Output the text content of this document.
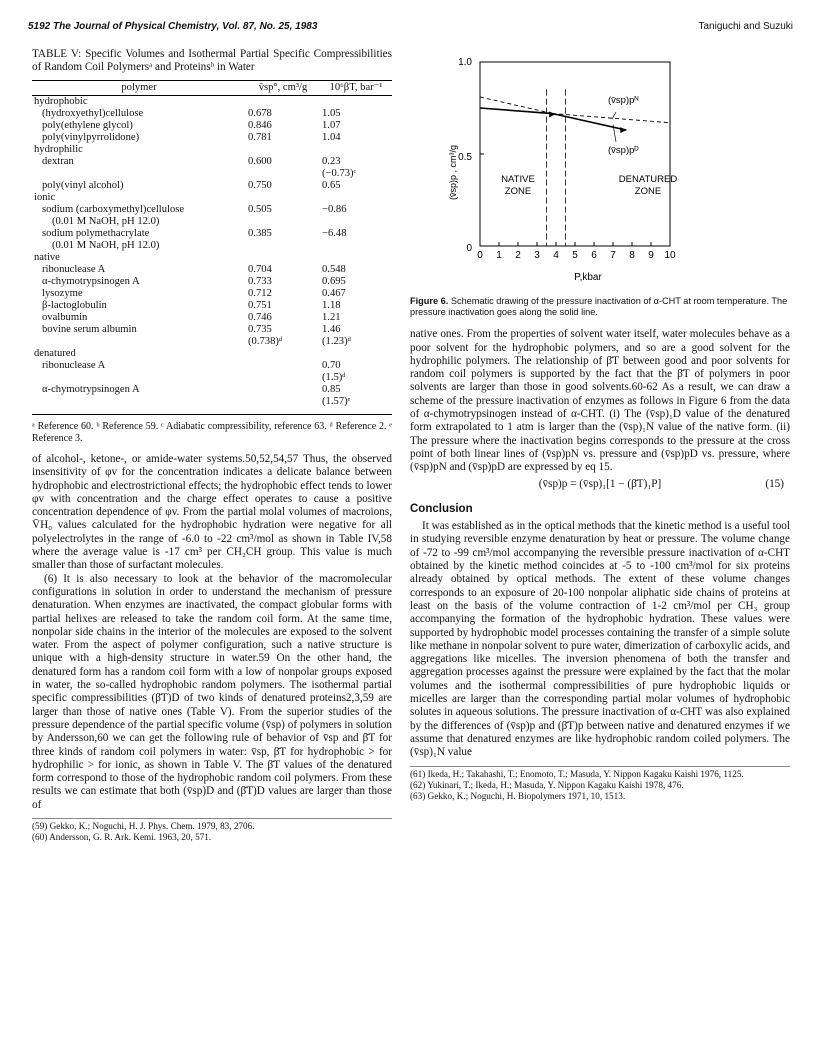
5192 The Journal of Physical Chemistry, Vol. 87, No. 25, 1983	Taniguchi and Suzuki
TABLE V: Specific Volumes and Isothermal Partial Specific Compressibilities of Random Coil Polymersᵃ and Proteinsᵇ in Water
polymer	v̄sp°, cm³/g	10⁶βT, bar⁻¹
hydrophobic		
(hydroxyethyl)cellulose	0.678	1.05
poly(ethylene glycol)	0.846	1.07
poly(vinylpyrrolidone)	0.781	1.04
hydrophilic		
dextran	0.600	0.23
		(−0.73)ᶜ
poly(vinyl alcohol)	0.750	0.65
ionic		
sodium (carboxymethyl)cellulose	0.505	−0.86
(0.01 M NaOH, pH 12.0)		
sodium polymethacrylate	0.385	−6.48
(0.01 M NaOH, pH 12.0)		
native		
ribonuclease A	0.704	0.548
α-chymotrypsinogen A	0.733	0.695
lysozyme	0.712	0.467
β-lactoglobulin	0.751	1.18
ovalbumin	0.746	1.21
bovine serum albumin	0.735	1.46
	(0.738)ᵈ	(1.23)ᵈ
denatured		
ribonuclease A		0.70
		(1.5)ᵈ
α-chymotrypsinogen A		0.85
		(1.57)ᵉ
ᵃ Reference 60. ᵇ Reference 59. ᶜ Adiabatic compressibility, reference 63. ᵈ Reference 2. ᵉ Reference 3.

of alcohol-, ketone-, or amide-water systems.50,52,54,57 Thus, the observed insensitivity of φv for the concentration indicates a delicate balance between hydrophobic and electrostrictional effects; the hydrophobic effect tends to lower φv with concentration and the charge effect operates to cause a positive concentration dependence of φv. From the partial molal volumes of macroions, V̄H₀ values calculated for the hydrophobic hydration were negative for all polyelectrolytes in the range of -6.0 to -22 cm³/mol as shown in Table IV,58 where the average value is -17 cm³ per CH₂CH group. This value is much smaller than those of surfactant molecules.

(6) It is also necessary to look at the behavior of the macromolecular configurations in solution in order to understand the mechanism of pressure denaturation. When enzymes are inactivated, the compact globular forms with partial helixes are released to take the random coil form. At the same time, nonpolar side chains in the interior of the molecules are exposed to the solvent water. From the aspect of polymer configuration, such a native structure is unique with a high-density structure in water.59 On the other hand, the denatured form has a random coil form with a low of nonpolar groups exposed in water, the so-called hydrophobic random polymers. The isothermal partial specific compressibilities (β̄T)D of two kinds of denatured proteins2,3,59 are larger than those of native ones (Table V). From the superior studies of the pressure dependence of the partial specific volume (v̄sp) of polymers in solution by Andersson,60 we can get the following rule of behavior of v̄sp and β̄T for three kinds of random coil polymers in water: v̄sp, β̄T for hydrophobic > for hydrophilic > for ionic, as shown in Table V. The β̄T values of the denatured form correspond to those of the hydrophobic random coil polymers. From these results we can estimate that both (v̄sp)D and (β̄T)D values are larger than those of

(59) Gekko, K.; Noguchi, H. J. Phys. Chem. 1979, 83, 2706.
(60) Andersson, G. R. Ark. Kemi. 1963, 20, 571.
10
9
8
7
6
5
4
3
2
1
0
1.0
0.5
0
(v̄sp)p , cm³/g
P,kbar
NATIVE
ZONE
DENATURED
ZONE
(v̄sp)pᴺ
(v̄sp)pᴰ
Figure 6. Schematic drawing of the pressure inactivation of α-CHT at room temperature. The pressure inactivation goes along the solid line.

native ones. From the properties of solvent water itself, water molecules behave as a poor solvent for the hydrophobic polymers, and so are a good solvent for the hydrophilic polymers. The relationship of β̄T between good and poor solvents for random coil polymers is supported by the fact that the β̄T of polymers in poor solvents are larger than those in good solvents.60-62 As a result, we can draw a scheme of the pressure inactivation of enzymes as follows in Figure 6 from the data of α-chymotrypsinogen instead of α-CHT. (i) The (v̄sp)₁D value of the denatured form extrapolated to 1 atm is larger than the (v̄sp)₁N value of the native form. (ii) The pressure where the inactivation begins corresponds to the pressure at the cross point of both linear lines of (v̄sp)pN vs. pressure and (v̄sp)pD vs. pressure, where (v̄sp)pN and (v̄sp)pD are expressed by eq 15.

(v̄sp)p = (v̄sp)₁[1 − (β̄T)₁P]	(15)
Conclusion

It was established as in the optical methods that the kinetic method is a useful tool in studying reversible enzyme denaturation by heat or pressure. The volume change of -72 to -99 cm³/mol accompanying the reversible pressure inactivation of α-CHT obtained by the kinetic method coincides at -5 to -100 cm³/mol for six proteins already obtained by optical methods. The extent of these volume changes corresponds to an exposure of 20-100 nonpolar aliphatic side chains of proteins at least on the basis of the volume contraction of 1-2 cm³/mol per CH₃ group accompanying the formation of the hydrophobic hydration. These values were supported by hydrophobic model processes containing the transfer of a simple solute like methane in nonpolar solvent to pure water, dimerization of carboxylic acids, and aggregations like micelles. The inversion phenomena of both the transfer and aggregation processes against the pressure were explained by the fact that the molar volumes and the isothermal compressibilities of pure hydrophobic liquids or micelles are larger than the corresponding partial molar volumes of hydrophobic solutes in aqueous solutions. The pressure inactivation of α-CHT was also explained by the differences of (v̄sp)p and (β̄T)p between native and denatured enzymes if we assume that denatured enzymes are like hydrophobic random coiled polymers. The (v̄sp)₁N value

(61) Ikeda, H.; Takahashi, T.; Enomoto, T.; Masuda, Y. Nippon Kagaku Kaishi 1976, 1125.
(62) Yukinari, T.; Ikeda, H.; Masuda, Y. Nippon Kagaku Kaishi 1978, 476.
(63) Gekko, K.; Noguchi, H. Biopolymers 1971, 10, 1513.
